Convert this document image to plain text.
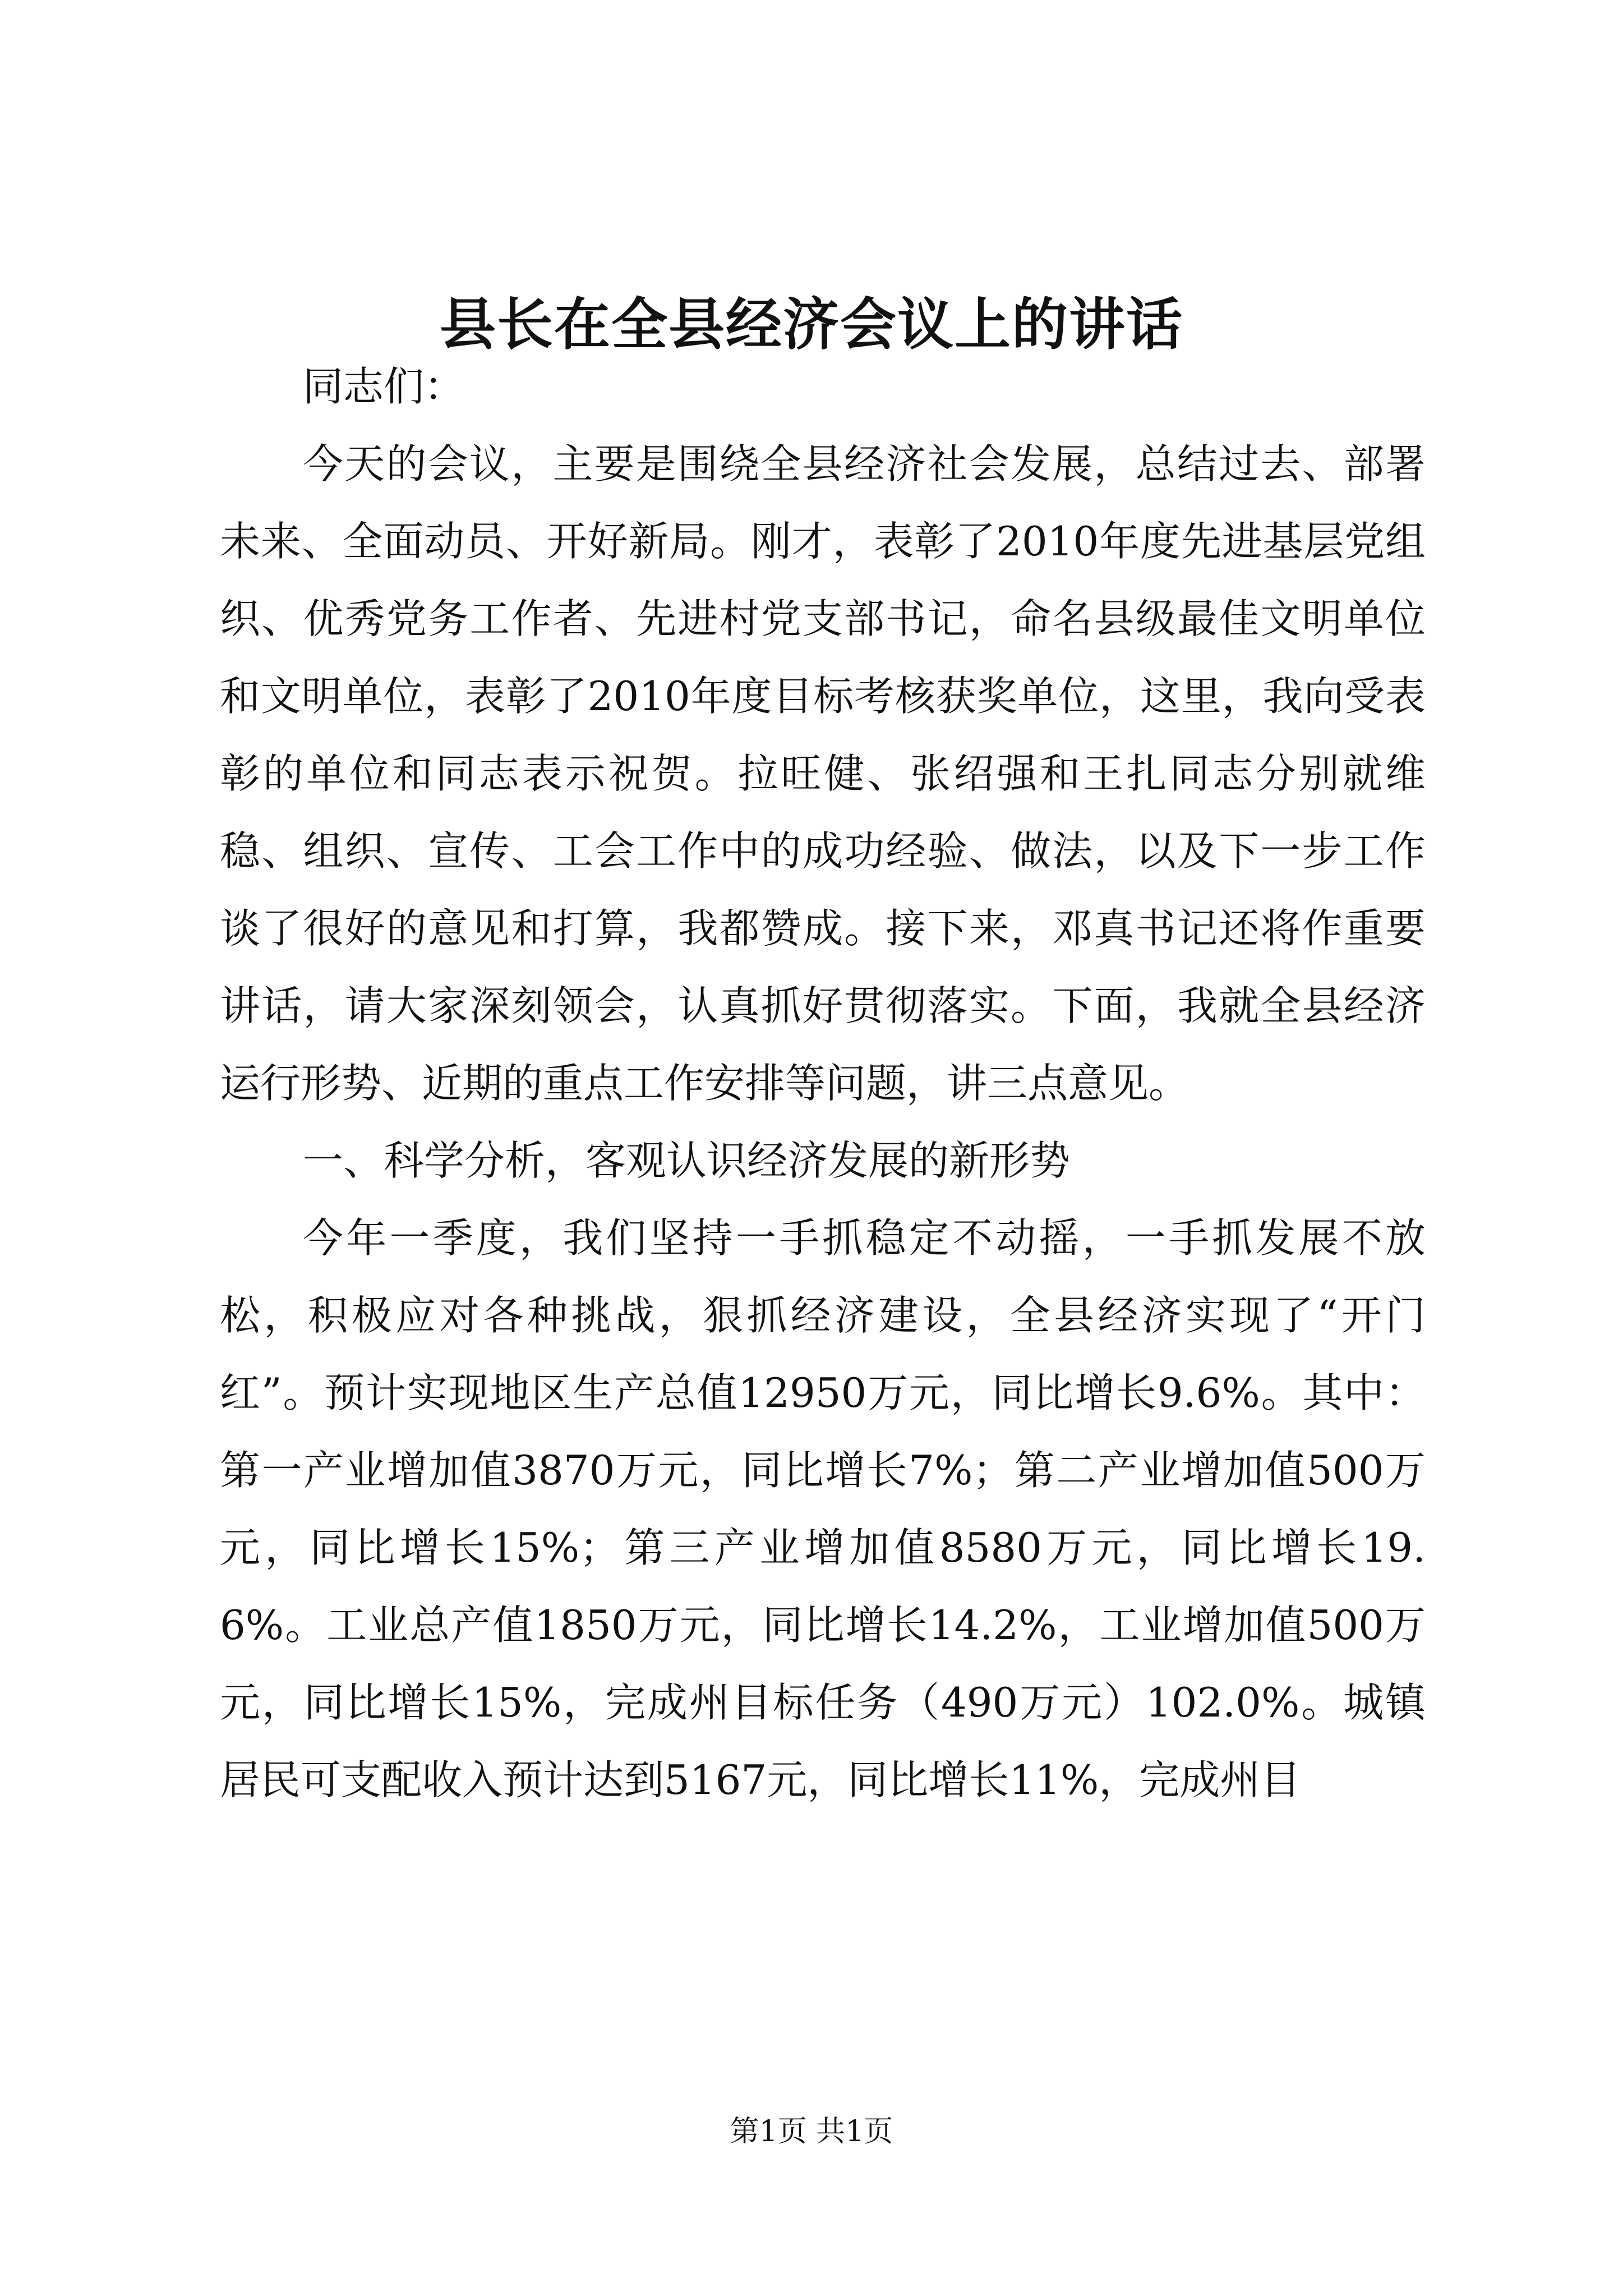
县长在全县经济会议上的讲话

同志们：

今天的会议，主要是围绕全县经济社会发展，总结过去、部署未来、全面动员、开好新局。刚才，表彰了2010年度先进基层党组织、优秀党务工作者、先进村党支部书记，命名县级最佳文明单位和文明单位，表彰了2010年度目标考核获奖单位，这里，我向受表彰的单位和同志表示祝贺。拉旺健、张绍强和王扎同志分别就维稳、组织、宣传、工会工作中的成功经验、做法，以及下一步工作谈了很好的意见和打算，我都赞成。接下来，邓真书记还将作重要讲话，请大家深刻领会，认真抓好贯彻落实。下面，我就全县经济运行形势、近期的重点工作安排等问题，讲三点意见。

一、科学分析，客观认识经济发展的新形势

今年一季度，我们坚持一手抓稳定不动摇，一手抓发展不放松，积极应对各种挑战，狠抓经济建设，全县经济实现了“开门红”。预计实现地区生产总值12950万元，同比增长9.6%。其中：第一产业增加值3870万元，同比增长7%；第二产业增加值500万元，同比增长15%；第三产业增加值8580万元，同比增长19.6%。工业总产值1850万元，同比增长14.2%，工业增加值500万元，同比增长15%，完成州目标任务（490万元）102.0%。城镇居民可支配收入预计达到5167元，同比增长11%，完成州目

第1页 共1页
